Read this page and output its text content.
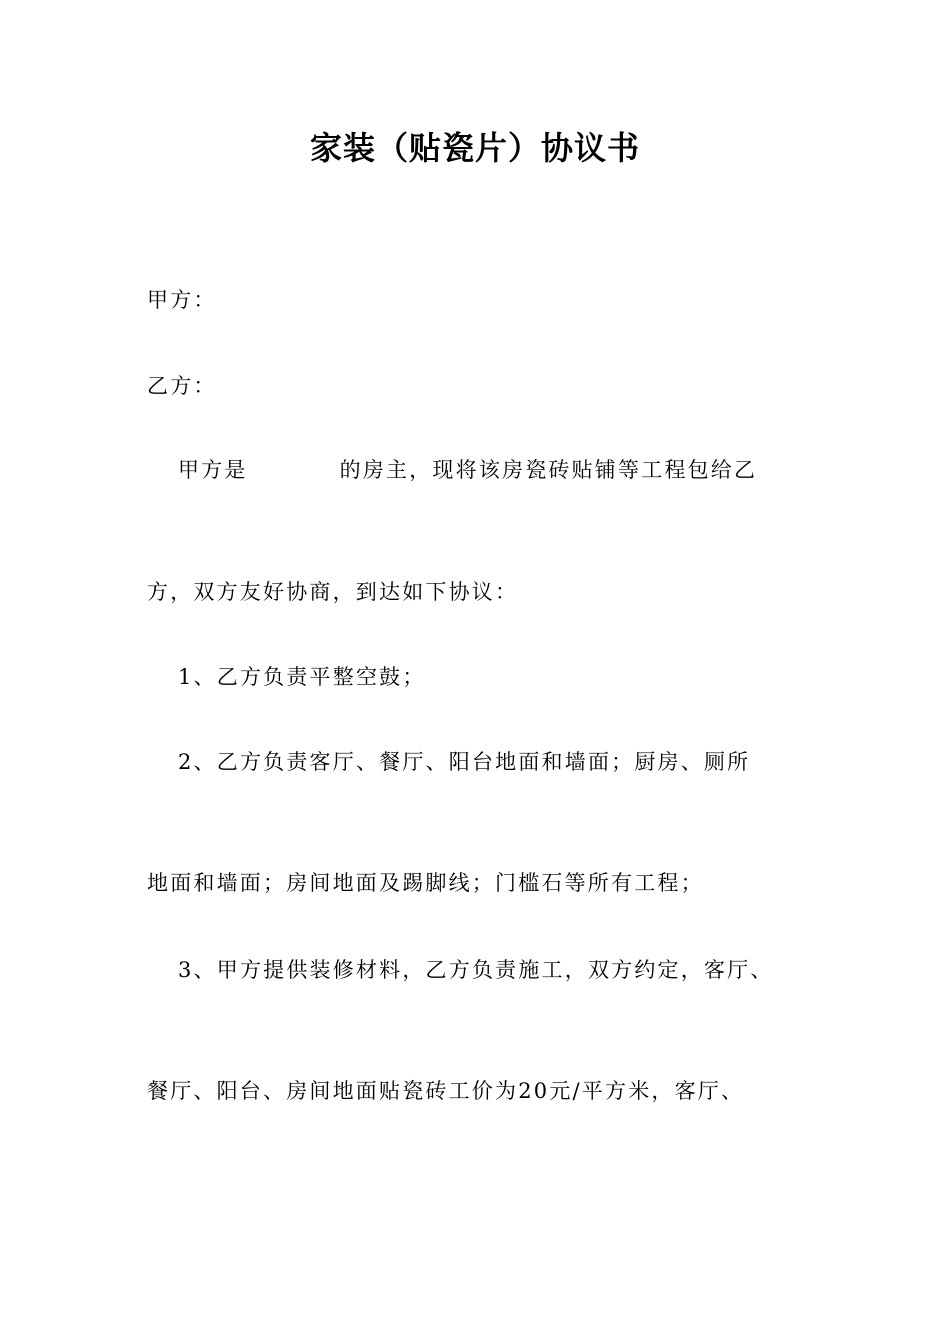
家装（贴瓷片）协议书
甲方：
乙方：
甲方是	的房主，现将该房瓷砖贴铺等工程包给乙
方，双方友好协商，到达如下协议：
1、乙方负责平整空鼓；
2、乙方负责客厅、餐厅、阳台地面和墙面；厨房、厕所
地面和墙面；房间地面及踢脚线；门槛石等所有工程；
3、甲方提供装修材料，乙方负责施工，双方约定，客厅、
餐厅、阳台、房间地面贴瓷砖工价为20元/平方米，客厅、
